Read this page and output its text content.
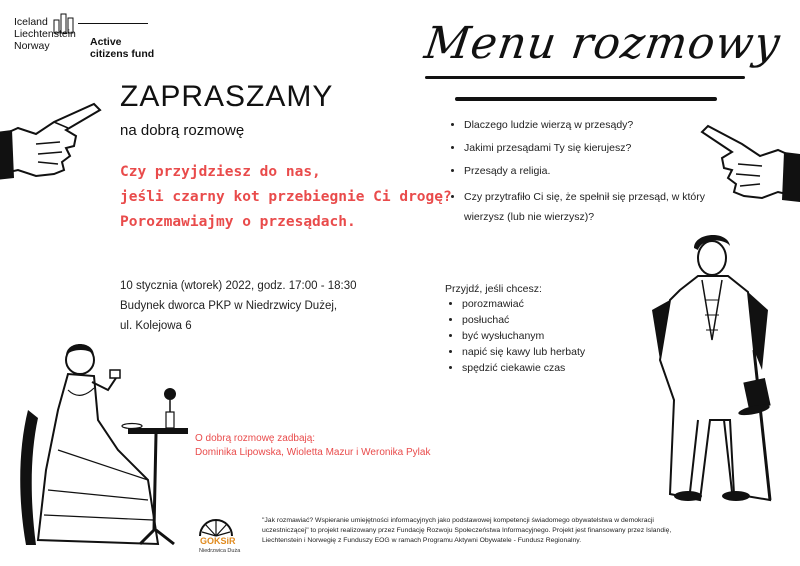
Iceland
Liechtenstein
Norway	Active
citizens fund
ZAPRASZAMY
na dobrą rozmowę
Czy przyjdziesz do nas,
jeśli czarny kot przebiegnie Ci drogę?
Porozmawiajmy o przesądach.
10 stycznia (wtorek) 2022, godz. 17:00 - 18:30
Budynek dworca PKP w Niedrzwicy Dużej,
ul. Kolejowa 6
O dobrą rozmowę zadbają:
Dominika Lipowska, Wioletta Mazur i Weronika Pylak
Menu rozmowy
• Dlaczego ludzie wierzą w przesądy?
• Jakimi przesądami Ty się kierujesz?
• Przesądy a religia.
• Czy przytrafiło Ci się, że spełnił się przesąd, w który wierzysz (lub nie wierzysz)?
Przyjdź, jeśli chcesz:
• porozmawiać
• posłuchać
• być wysłuchanym
• napić się kawy lub herbaty
• spędzić ciekawie czas
GOKSiR
Niedrzwica Duża
"Jak rozmawiać? Wspieranie umiejętności informacyjnych jako podstawowej kompetencji świadomego obywatelstwa w demokracji uczestniczącej" to projekt realizowany przez Fundację Rozwoju Społeczeństwa Informacyjnego. Projekt jest finansowany przez Islandię, Liechtenstein i Norwegię z Funduszy EOG w ramach Programu Aktywni Obywatele - Fundusz Regionalny.
